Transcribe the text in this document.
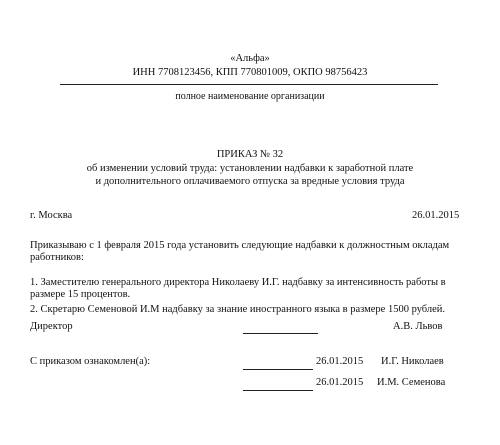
«Альфа»
ИНН 7708123456, КПП 770801009, ОКПО 98756423
полное наименование организации
ПРИКАЗ № 32
об изменении условий труда: установлении надбавки к заработной плате
и дополнительного оплачиваемого отпуска за вредные условия труда
г. Москва	26.01.2015
Приказываю с 1 февраля 2015 года установить следующие надбавки к должностным окладам работников:
1. Заместителю генерального директора Николаеву И.Г. надбавку за интенсивность работы в размере 15 процентов.
2. Скретарю Семеновой И.М надбавку за знание иностранного языка в размере 1500 рублей.
Директор	А.В. Львов
С приказом ознакомлен(а):	26.01.2015 И.Г. Николаев
26.01.2015 И.М. Семенова
